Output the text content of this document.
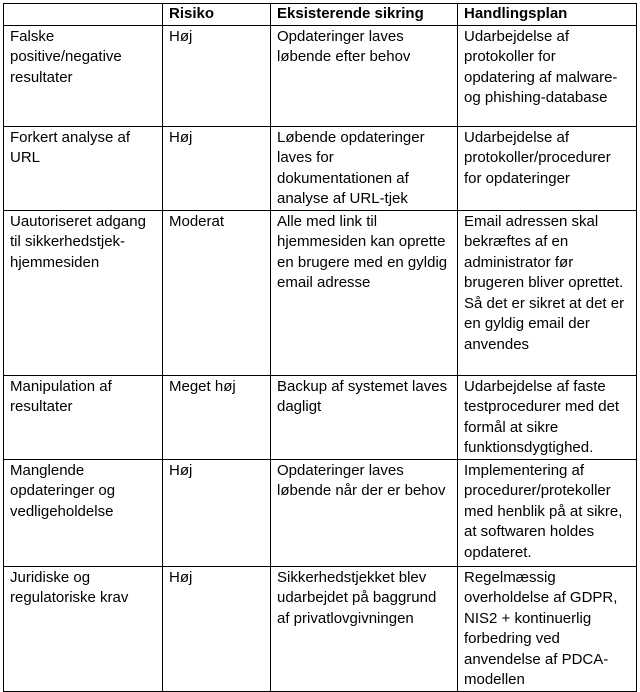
	Risiko	Eksisterende sikring	Handlingsplan
Falske positive/negative resultater	Høj	Opdateringer laves løbende efter behov	Udarbejdelse af protokoller for opdatering af malware- og phishing-database
Forkert analyse af URL	Høj	Løbende opdateringer laves for dokumentationen af analyse af URL-tjek	Udarbejdelse af protokoller/procedurer for opdateringer
Uautoriseret adgang til sikkerhedstjek-hjemmesiden	Moderat	Alle med link til hjemmesiden kan oprette en brugere med en gyldig email adresse	Email adressen skal bekræftes af en administrator før brugeren bliver oprettet. Så det er sikret at det er en gyldig email der anvendes
Manipulation af resultater	Meget høj	Backup af systemet laves dagligt	Udarbejdelse af faste testprocedurer med det formål at sikre funktionsdygtighed.
Manglende opdateringer og vedligeholdelse	Høj	Opdateringer laves løbende når der er behov	Implementering af procedurer/protekoller med henblik på at sikre, at softwaren holdes opdateret.
Juridiske og regulatoriske krav	Høj	Sikkerhedstjekket blev udarbejdet på baggrund af privatlovgivningen	Regelmæssig overholdelse af GDPR, NIS2 + kontinuerlig forbedring ved anvendelse af PDCA-modellen
